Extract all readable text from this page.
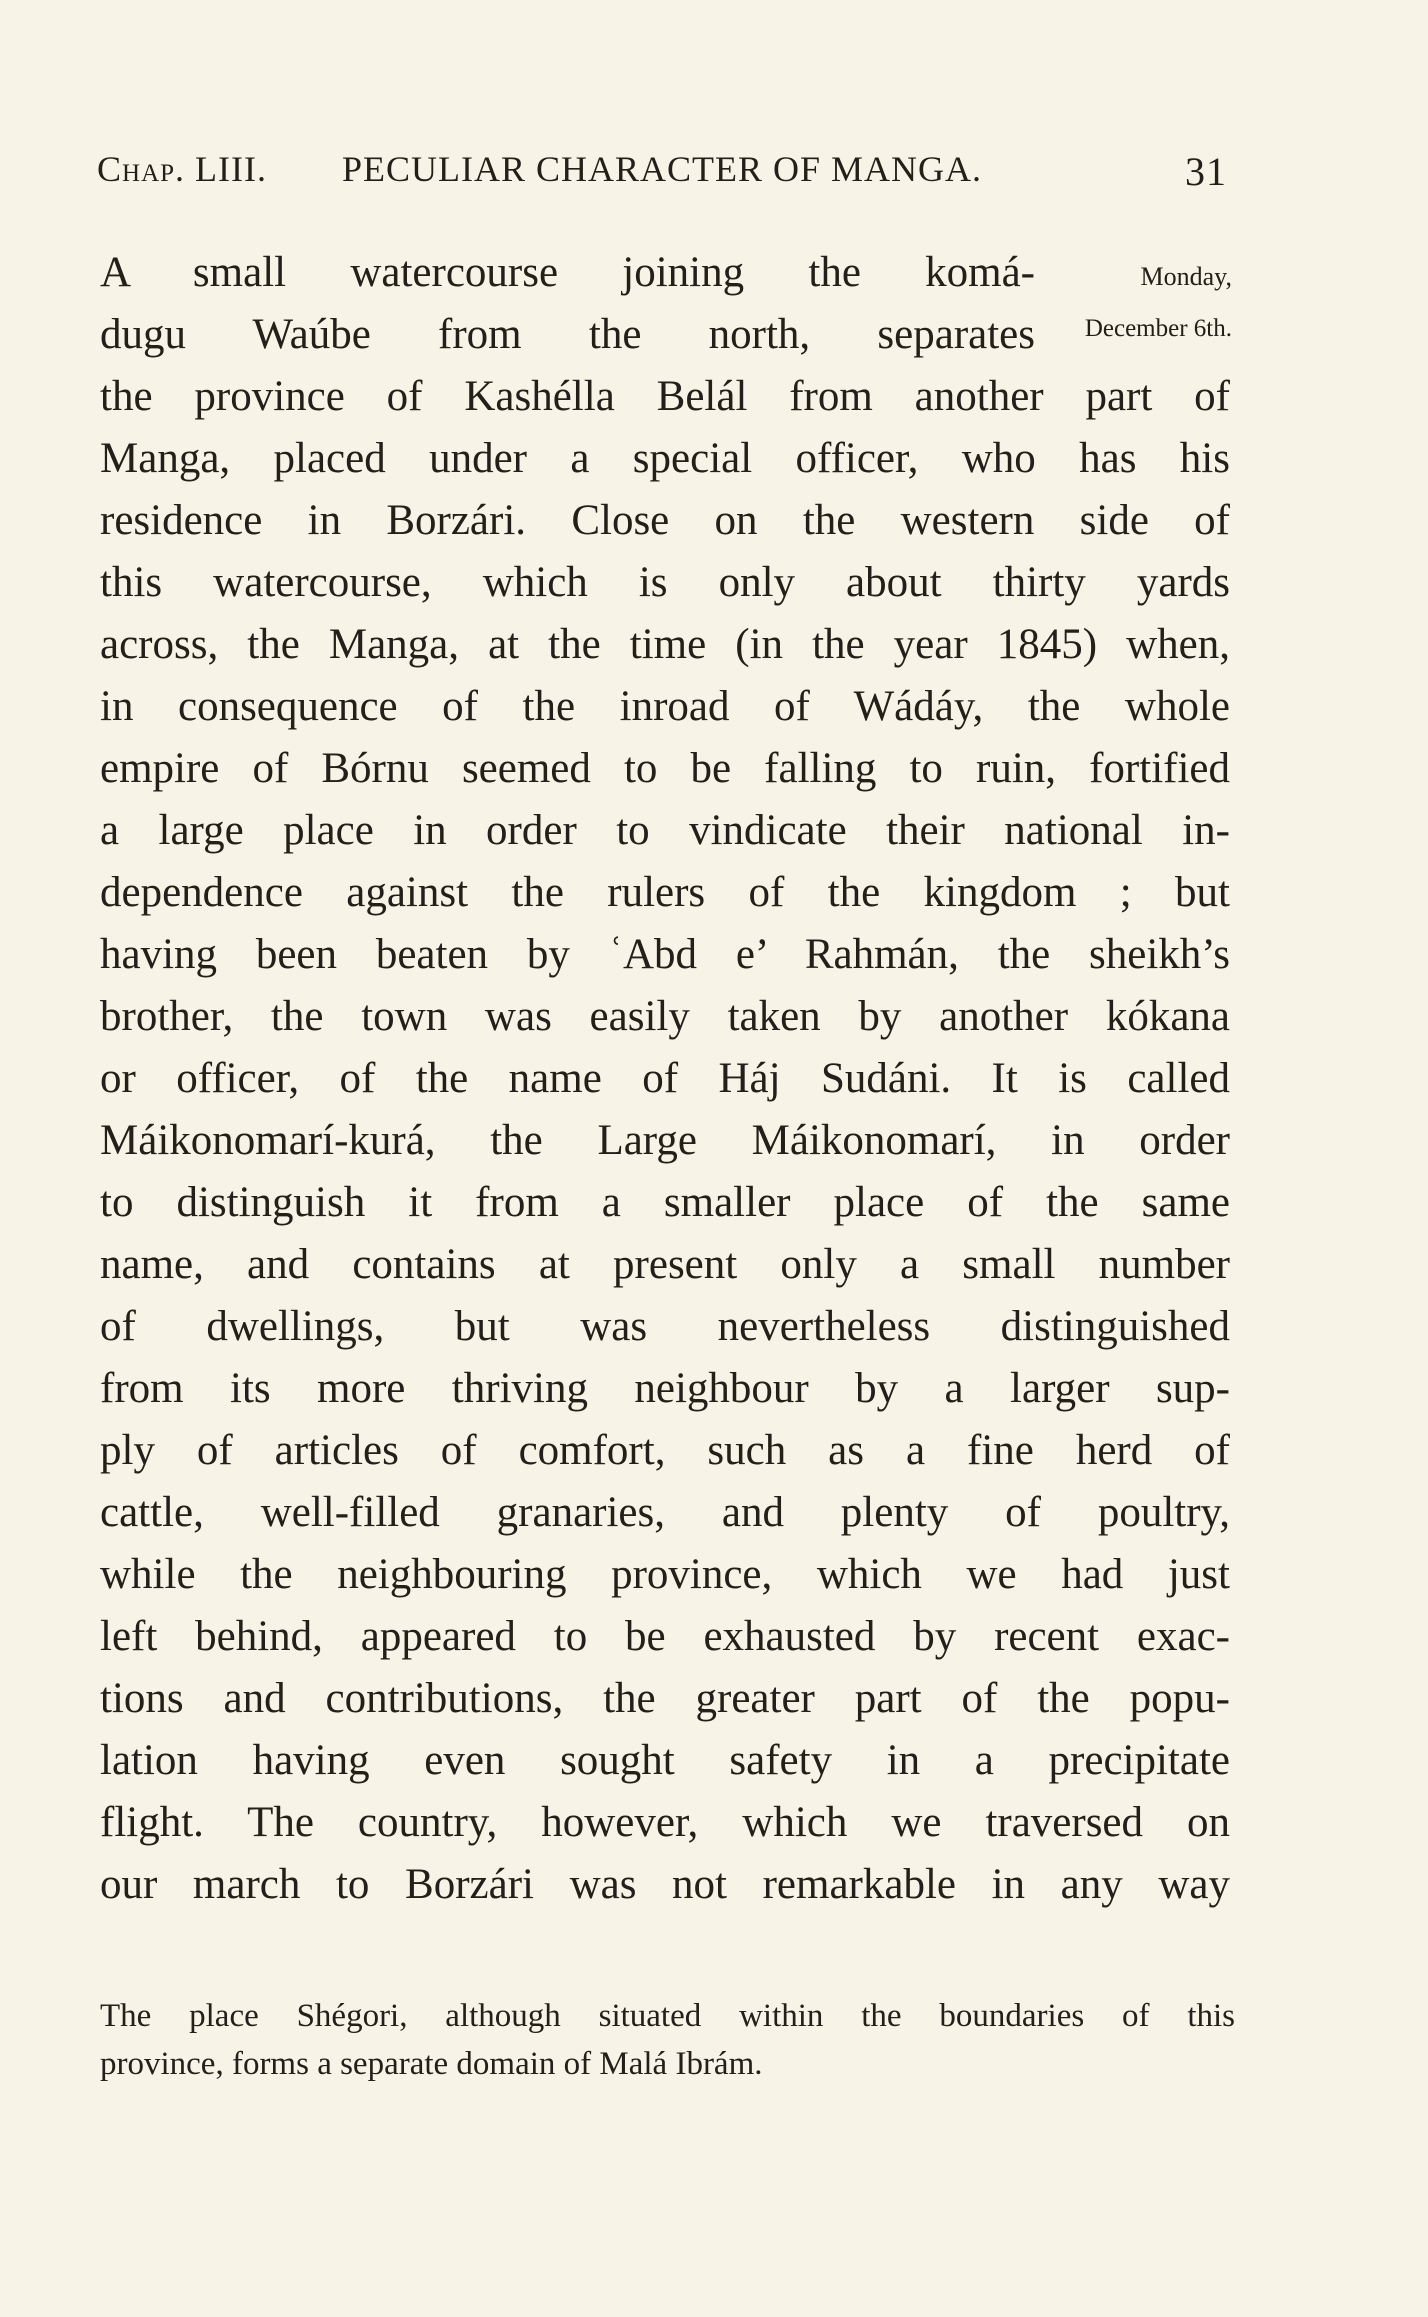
Chap. LIII. PECULIAR CHARACTER OF MANGA.	31
Monday,
December 6th.
A small watercourse joining the komá-
dugu Waúbe from the north, separates
the province of Kashélla Belál from another part of
Manga, placed under a special officer, who has his
residence in Borzári. Close on the western side of
this watercourse, which is only about thirty yards
across, the Manga, at the time (in the year 1845) when,
in consequence of the inroad of Wádáy, the whole
empire of Bórnu seemed to be falling to ruin, fortified
a large place in order to vindicate their national in-
dependence against the rulers of the kingdom ; but
having been beaten by ʿAbd e’ Rahmán, the sheikh’s
brother, the town was easily taken by another kókana
or officer, of the name of Háj Sudáni. It is called
Máikonomarí-kurá, the Large Máikonomarí, in order
to distinguish it from a smaller place of the same
name, and contains at present only a small number
of dwellings, but was nevertheless distinguished
from its more thriving neighbour by a larger sup-
ply of articles of comfort, such as a fine herd of
cattle, well-filled granaries, and plenty of poultry,
while the neighbouring province, which we had just
left behind, appeared to be exhausted by recent exac-
tions and contributions, the greater part of the popu-
lation having even sought safety in a precipitate
flight. The country, however, which we traversed on
our march to Borzári was not remarkable in any way
The place Shégori, although situated within the boundaries of this
province, forms a separate domain of Malá Ibrám.
